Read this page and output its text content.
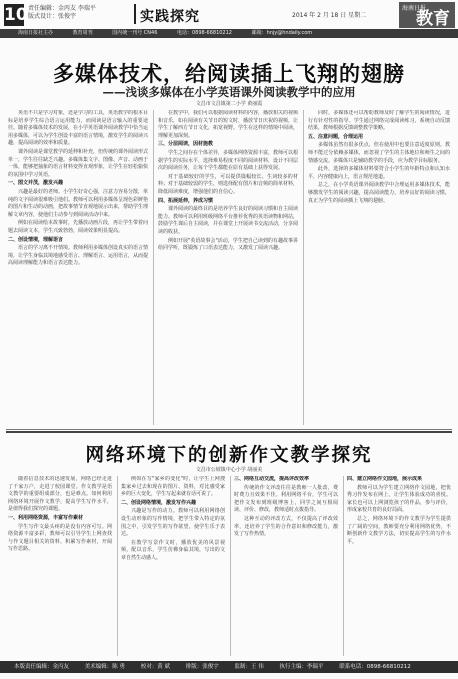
10 责任编辑：金丙友 李瑞平
版式设计：张俊宇	实践探究	2014 年 2 月 18 日 星期二
海南日报
教育
海南日报社主办	教育周刊	国内统一刊号 CN46	电话：0898-66810212	邮箱：hnjy@hndaily.com
多媒体技术，给阅读插上飞翔的翅膀
——浅谈多媒体在小学英语课外阅读教学中的应用
文昌市文昌镇第二小学 黄丽霞

英语不只是学习对象，还是学习的工具，英语教学的根本目标是培养学生综合语言运用能力，而阅读是语言输入的重要途径。随着多媒体技术的发展，在小学英语课外阅读教学中恰当运用多媒体，可以为学生创设丰富的语言情境，激发学生的阅读兴趣，提高阅读的效率和质量。

课外阅读是课堂教学的延伸和补充，但传统的课外阅读形式单一，学生往往缺乏兴趣。多媒体集文字、图像、声音、动画于一体，能够把抽象的语言材料变得直观形象，让学生在轻松愉快的氛围中学习英语。

一、图文并茂，激发兴趣

兴趣是最好的老师。小学生好奇心强，注意力容易分散，单纯的文字阅读很难吸引他们。教师可以利用多媒体呈现色彩鲜艳的图片和生动的动画，把故事情节直观地展示出来，帮助学生理解文章内容，使他们主动参与到阅读活动中来。

例如在阅读绘本故事时，先播放动画片段，再让学生带着问题去阅读文本，学生兴致勃勃，阅读效果明显提高。

二、创设情境，理解语言

语言的学习离不开情境。教师利用多媒体创设真实的语言情境，让学生身临其境地感受语言、理解语言、运用语言，从而提高阅读理解能力和语言表达能力。

在教学中，我们可以根据阅读材料的内容，播放相关的视频和音乐，如在阅读有关节日的短文时，播放节日庆祝的视频，让学生了解西方节日文化，拓宽视野。学生在这样的情境中阅读，理解更加深刻。

三、分层阅读，因材施教

学生之间存在个体差异，多媒体网络资源丰富，教师可以根据学生的实际水平，选择难易程度不同的阅读材料，设计不同层次的阅读任务，让每个学生都能在原有基础上获得发展。

对于基础较好的学生，可以提供篇幅较长、生词较多的材料；对于基础较弱的学生，则选择配有图片和音频的简单材料，降低阅读难度，增强他们的自信心。

四、拓展延伸，养成习惯

课外阅读的最终目的是培养学生良好的阅读习惯和自主阅读能力。教师可以利用班级网络平台推荐优秀的英语读物和网站，鼓励学生课后自主阅读，并在课堂上开展读书交流活动，分享阅读的收获。

例如开展"英语故事会"活动，学生把自己读到的有趣故事讲给同学听，既锻炼了口语表达能力，又激发了阅读兴趣。

同时，多媒体还可以帮助教师及时了解学生的阅读情况，进行有针对性的指导。学生通过网络完成阅读练习，系统自动反馈结果，教师根据反馈调整教学策略。

五、注意问题，合理运用

多媒体虽然有很多优点，但在使用中也要注意适度原则。教师不能过分依赖多媒体，而忽视了学生的主体地位和师生之间的情感交流。多媒体只是辅助教学的手段，应为教学目标服务。

此外，选择的多媒体材料要符合小学生的年龄特点和认知水平，内容健康向上，语言规范地道。

总之，在小学英语课外阅读教学中合理运用多媒体技术，能够激发学生的阅读兴趣，提高阅读能力，培养良好的阅读习惯，真正为学生的阅读插上飞翔的翅膀。

网络环境下的创新作文教学探究
文昌市公坡镇中心小学 胡丽美

随着信息技术的迅速发展，网络已经走进了千家万户，走进了校园课堂。作文教学是语文教学的重要组成部分，也是难点。如何利用网络环境开展作文教学，提高学生写作水平，是值得我们探究的课题。

一、利用网络资源，丰富写作素材

学生写作文最头疼的是没有内容可写。网络资源丰富多彩，教师可以引导学生上网查找与作文题目相关的资料，积累写作素材，开阔写作思路。

例如在写"家乡的变化"时，让学生上网搜集家乡过去和现在的图片、资料，对比感受家乡的巨大变化，学生写起来就有话可说了。

二、创设网络情境，激发写作兴趣

兴趣是写作的动力。教师可以利用网络创设生动形象的写作情境，把学生带入特定的氛围之中，引发学生的写作欲望，使学生乐于表达。

在教学写景作文时，播放优美的风景视频，配以音乐，学生仿佛身临其境，写出的文章自然生动感人。

三、网络互动交流，提高评改效率

传统的作文评改往往是教师一人批改，费时费力且效果不佳。利用网络平台，学生可以把作文发布到班级博客上，同学之间互相阅读、评价、修改，教师适时点拨指导。

这种互动的评改方式，不仅提高了评改效率，还培养了学生的合作意识和修改能力，激发了写作热情。

四、建立网络作文园地，展示成果

教师可以为学生建立网络作文园地，把优秀习作发布在网上，让学生体验成功的喜悦。家长也可以上网浏览孩子的作品，参与评价，形成家校共育的良好局面。

总之，网络环境下的作文教学为学生提供了广阔的空间，教师要充分利用网络优势，不断创新作文教学方法，切实提高学生的写作水平。

本版责任编辑：金丙友	美术编辑：陈 勇	校对：黄 斌	排版：张俊宇	监制：王 伟	执行主编：李瑞平	联系电话：0898-66810212
